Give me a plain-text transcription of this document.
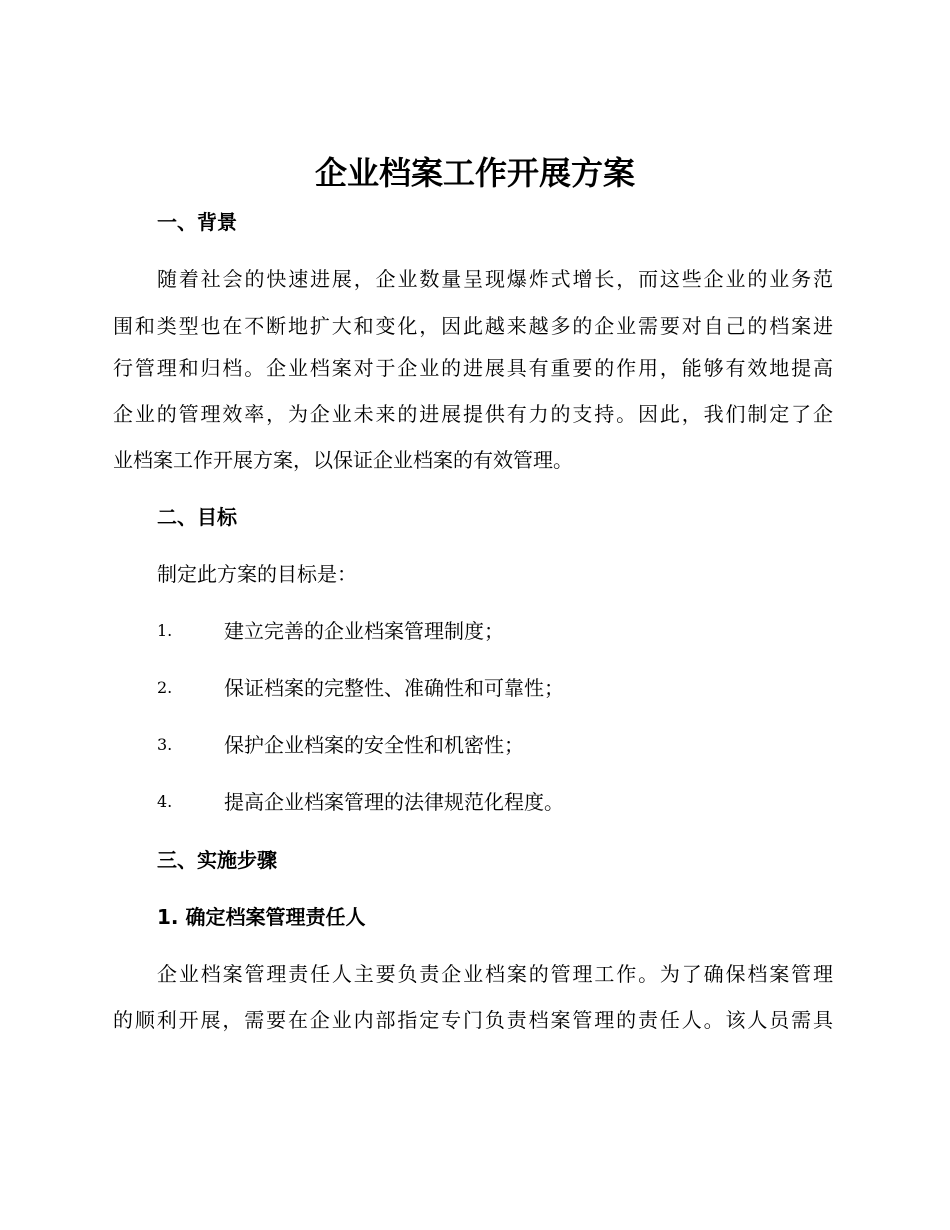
企业档案工作开展方案
一、背景
随着社会的快速进展，企业数量呈现爆炸式增长，而这些企业的业务范
围和类型也在不断地扩大和变化，因此越来越多的企业需要对自己的档案进
行管理和归档。企业档案对于企业的进展具有重要的作用，能够有效地提高
企业的管理效率，为企业未来的进展提供有力的支持。因此，我们制定了企
业档案工作开展方案，以保证企业档案的有效管理。
二、目标
制定此方案的目标是：
1.	建立完善的企业档案管理制度；
2.	保证档案的完整性、准确性和可靠性；
3.	保护企业档案的安全性和机密性；
4.	提高企业档案管理的法律规范化程度。
三、实施步骤
1. 确定档案管理责任人
企业档案管理责任人主要负责企业档案的管理工作。为了确保档案管理
的顺利开展，需要在企业内部指定专门负责档案管理的责任人。该人员需具
